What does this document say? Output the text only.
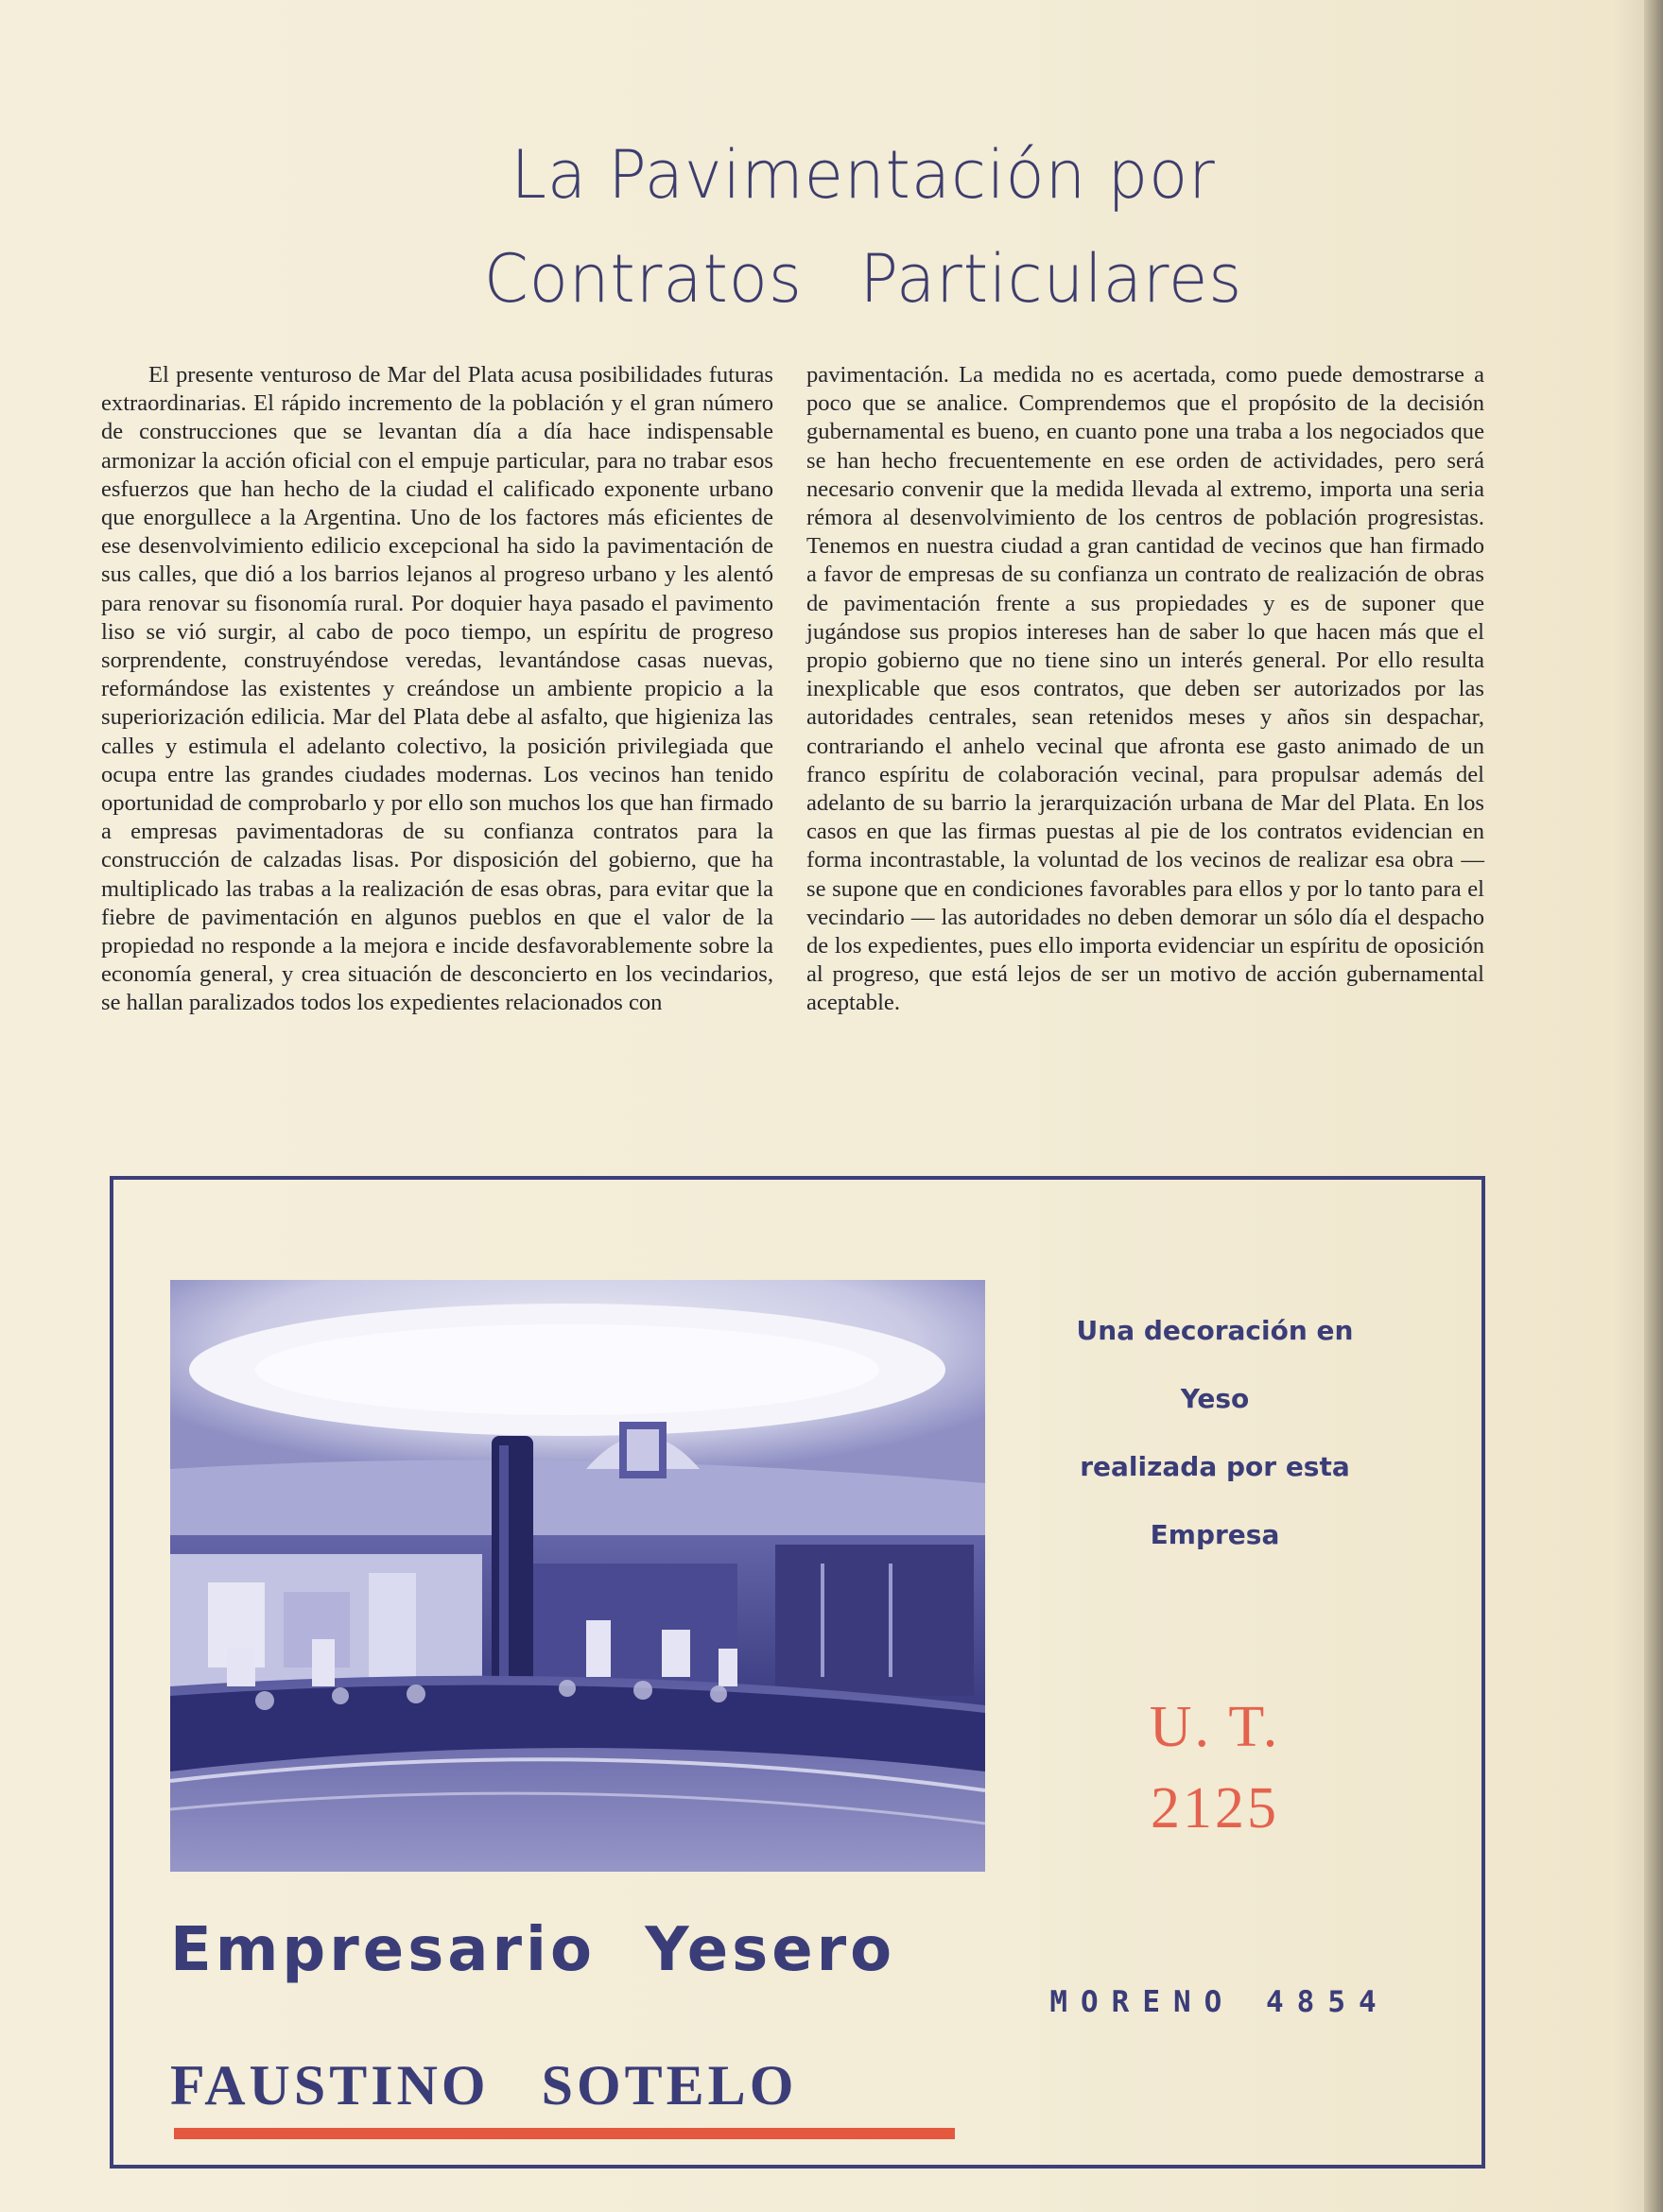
La Pavimentación por
Contratos Particulares

El presente venturoso de Mar del Plata acusa posibilidades futuras extraordinarias. El rápido incremento de la población y el gran número de construcciones que se levantan día a día hace indispensable armonizar la acción oficial con el empuje particular, para no trabar esos esfuerzos que han hecho de la ciudad el calificado exponente urbano que enorgullece a la Argentina. Uno de los factores más eficientes de ese desenvolvimiento edilicio excepcional ha sido la pavimentación de sus calles, que dió a los barrios lejanos al progreso urbano y les alentó para renovar su fisonomía rural. Por doquier haya pasado el pavimento liso se vió surgir, al cabo de poco tiempo, un espíritu de progreso sorprendente, construyéndose veredas, levantándose casas nuevas, reformándose las existentes y creándose un ambiente propicio a la superiorización edilicia. Mar del Plata debe al asfalto, que higieniza las calles y estimula el adelanto colectivo, la posición privilegiada que ocupa entre las grandes ciudades modernas. Los vecinos han tenido oportunidad de comprobarlo y por ello son muchos los que han firmado a empresas pavimentadoras de su confianza contratos para la construcción de calzadas lisas. Por disposición del gobierno, que ha multiplicado las trabas a la realización de esas obras, para evitar que la fiebre de pavimentación en algunos pueblos en que el valor de la propiedad no responde a la mejora e incide desfavorablemente sobre la economía general, y crea situación de desconcierto en los vecindarios, se hallan paralizados todos los expedientes relacionados con

pavimentación. La medida no es acertada, como puede demostrarse a poco que se analice. Comprendemos que el propósito de la decisión gubernamental es bueno, en cuanto pone una traba a los negociados que se han hecho frecuentemente en ese orden de actividades, pero será necesario convenir que la medida llevada al extremo, importa una seria rémora al desenvolvimiento de los centros de población progresistas. Tenemos en nuestra ciudad a gran cantidad de vecinos que han firmado a favor de empresas de su confianza un contrato de realización de obras de pavimentación frente a sus propiedades y es de suponer que jugándose sus propios intereses han de saber lo que hacen más que el propio gobierno que no tiene sino un interés general. Por ello resulta inexplicable que esos contratos, que deben ser autorizados por las autoridades centrales, sean retenidos meses y años sin despachar, contrariando el anhelo vecinal que afronta ese gasto animado de un franco espíritu de colaboración vecinal, para propulsar además del adelanto de su barrio la jerarquización urbana de Mar del Plata. En los casos en que las firmas puestas al pie de los contratos evidencian en forma incontrastable, la voluntad de los vecinos de realizar esa obra — se supone que en condiciones favorables para ellos y por lo tanto para el vecindario — las autoridades no deben demorar un sólo día el despacho de los expedientes, pues ello importa evidenciar un espíritu de oposición al progreso, que está lejos de ser un motivo de acción gubernamental aceptable.

Una decoración en Yeso
realizada por esta
Empresa
U. T.
2125
MORENO 4854
Empresario Yesero
FAUSTINO SOTELO
